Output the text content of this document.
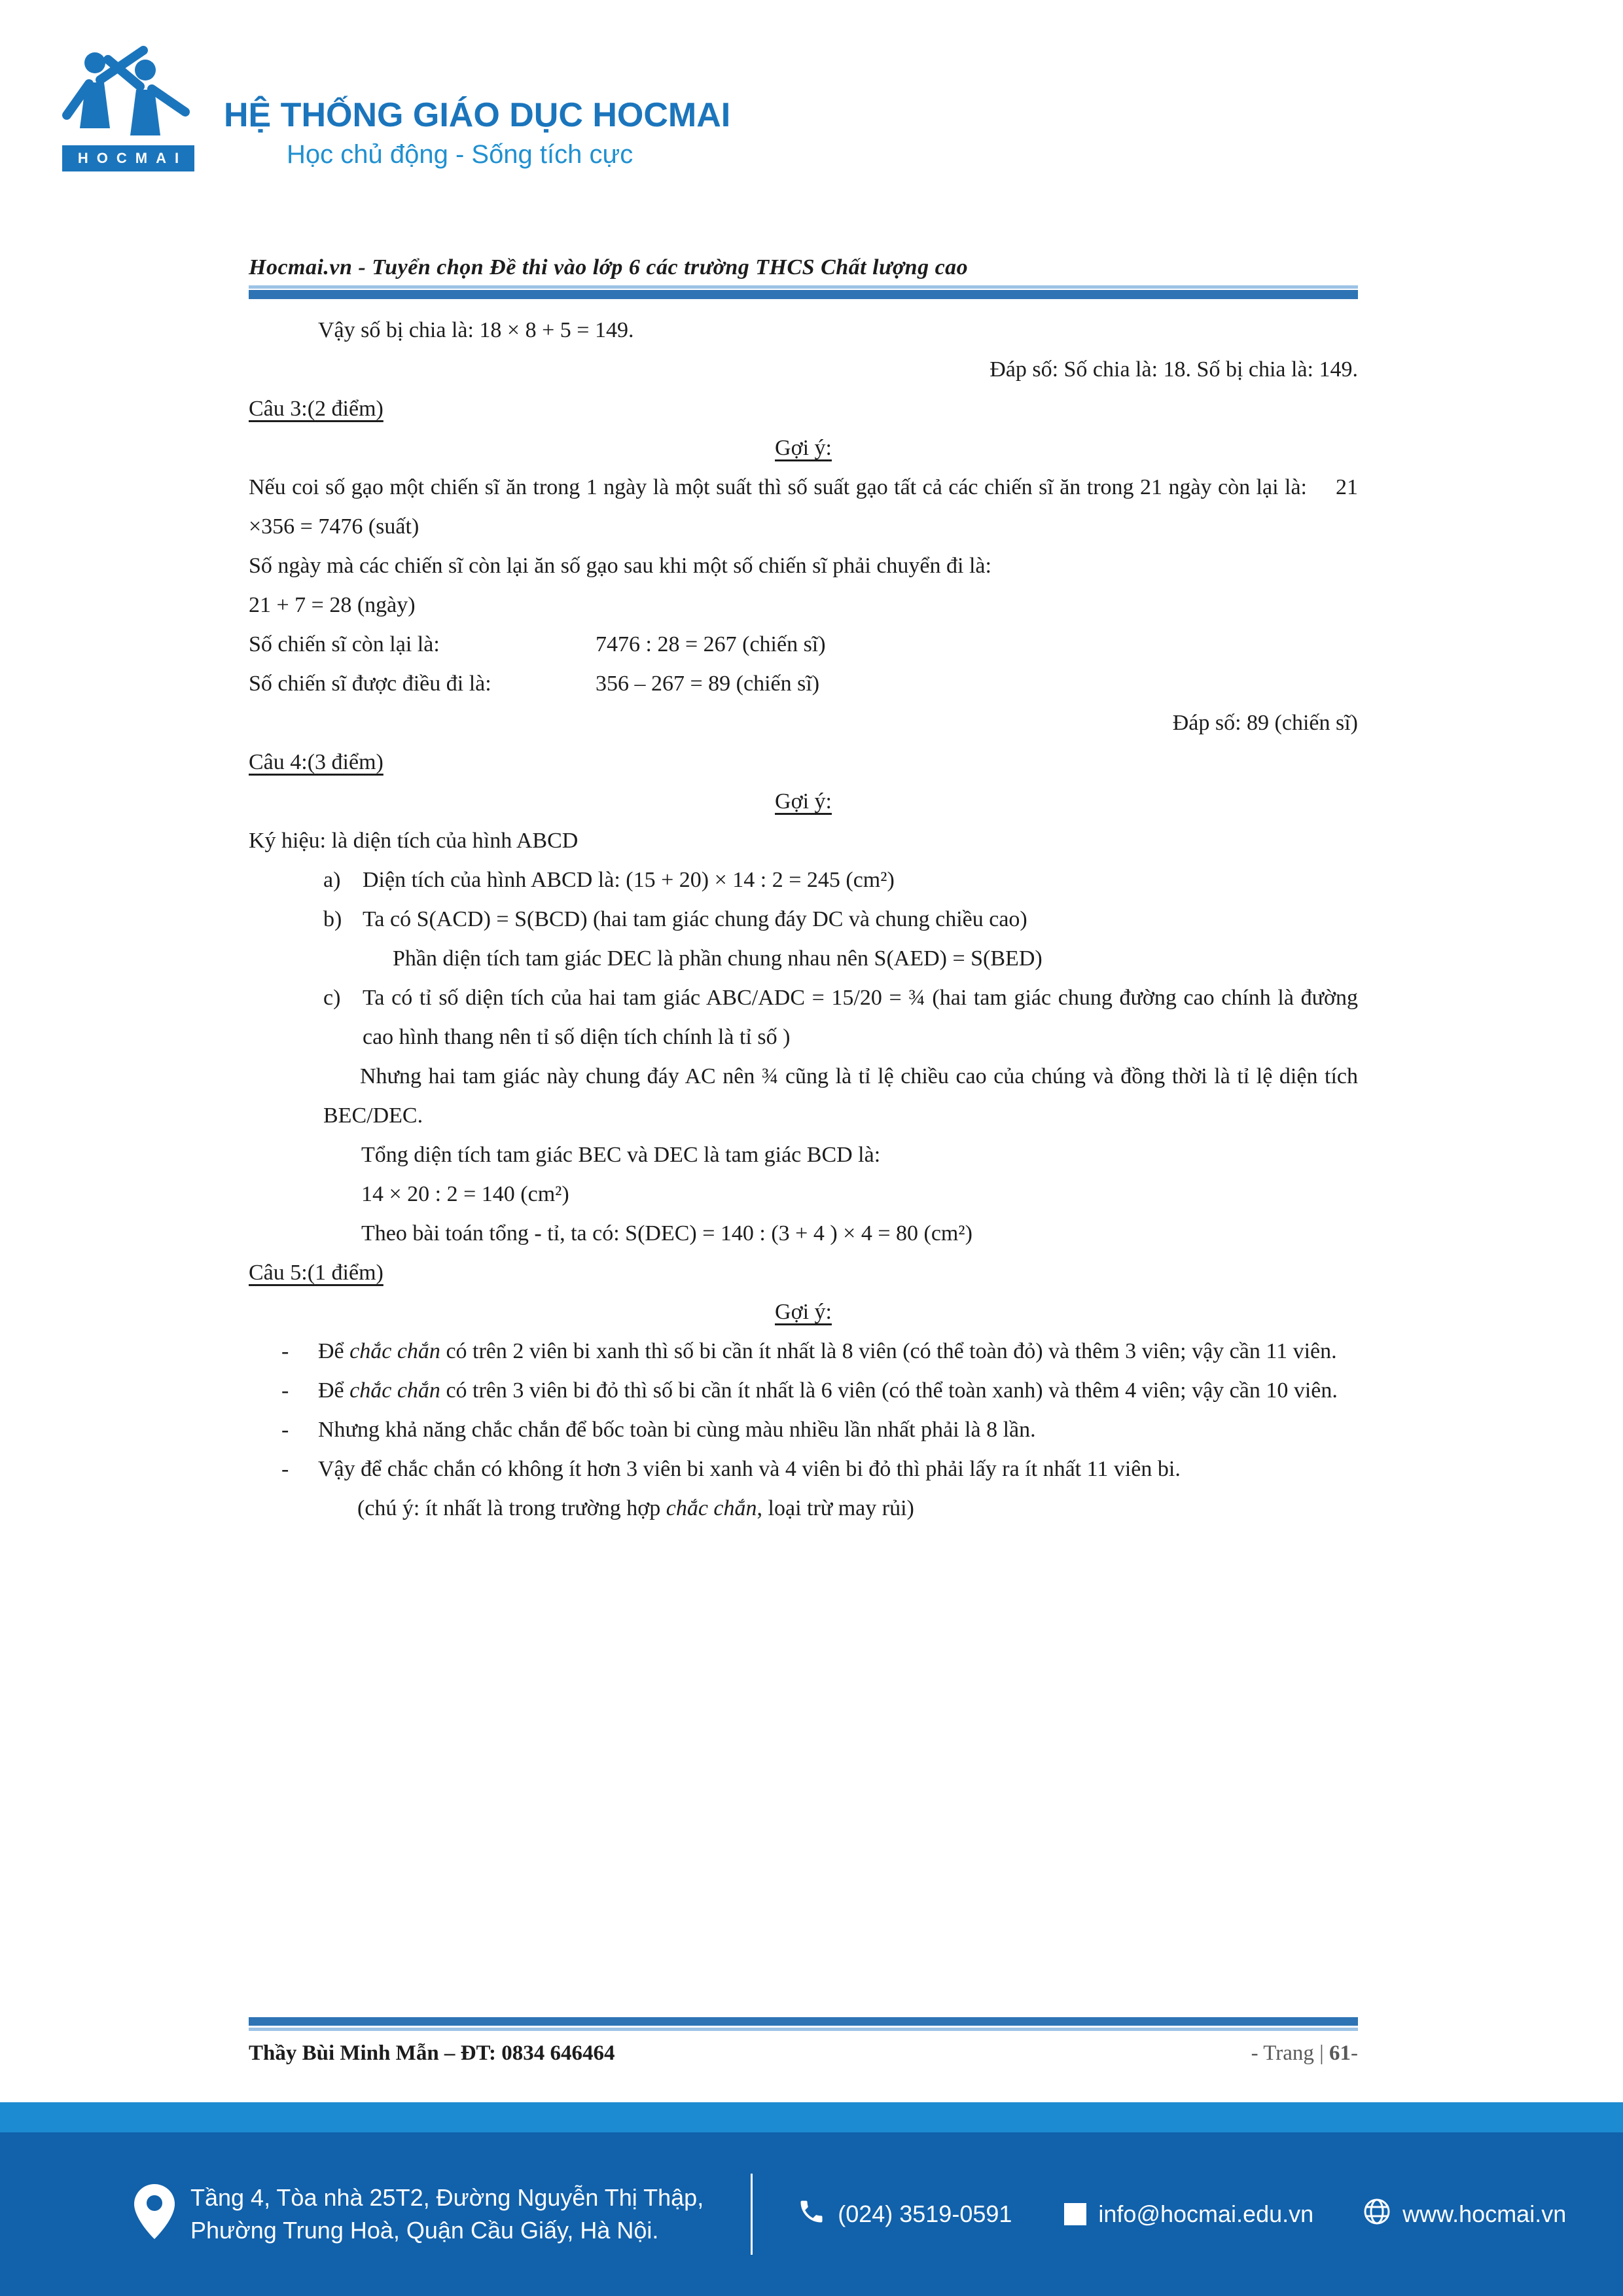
HOCMAI
HỆ THỐNG GIÁO DỤC HOCMAI
Học chủ động - Sống tích cực
Hocmai.vn - Tuyển chọn Đề thi vào lớp 6 các trường THCS Chất lượng cao

Vậy số bị chia là: 18 × 8 + 5 = 149.

Đáp số: Số chia là: 18. Số bị chia là: 149.

Câu 3:(2 điểm)

Gợi ý:

Nếu coi số gạo một chiến sĩ ăn trong 1 ngày là một suất thì số suất gạo tất cả các chiến sĩ ăn trong 21 ngày còn lại là: 21 ×356 = 7476 (suất)

Số ngày mà các chiến sĩ còn lại ăn số gạo sau khi một số chiến sĩ phải chuyển đi là:

21 + 7 = 28 (ngày)

Số chiến sĩ còn lại là:	7476 : 28 = 267 (chiến sĩ)

Số chiến sĩ được điều đi là:	356 – 267 = 89 (chiến sĩ)

Đáp số: 89 (chiến sĩ)

Câu 4:(3 điểm)

Gợi ý:

Ký hiệu: là diện tích của hình ABCD

a) Diện tích của hình ABCD là: (15 + 20) × 14 : 2 = 245 (cm²)

b) Ta có S(ACD) = S(BCD) (hai tam giác chung đáy DC và chung chiều cao)

Phần diện tích tam giác DEC là phần chung nhau nên S(AED) = S(BED)

c) Ta có tỉ số diện tích của hai tam giác ABC/ADC = 15/20 = ¾ (hai tam giác chung đường cao chính là đường cao hình thang nên tỉ số diện tích chính là tỉ số )

Nhưng hai tam giác này chung đáy AC nên ¾ cũng là tỉ lệ chiều cao của chúng và đồng thời là tỉ lệ diện tích BEC/DEC.

Tổng diện tích tam giác BEC và DEC là tam giác BCD là:

14 × 20 : 2 = 140 (cm²)

Theo bài toán tổng - tỉ, ta có: S(DEC) = 140 : (3 + 4 ) × 4 = 80 (cm²)

Câu 5:(1 điểm)

Gợi ý:

- Để chắc chắn có trên 2 viên bi xanh thì số bi cần ít nhất là 8 viên (có thể toàn đỏ) và thêm 3 viên; vậy cần 11 viên.

- Để chắc chắn có trên 3 viên bi đỏ thì số bi cần ít nhất là 6 viên (có thể toàn xanh) và thêm 4 viên; vậy cần 10 viên.

- Nhưng khả năng chắc chắn để bốc toàn bi cùng màu nhiều lần nhất phải là 8 lần.

- Vậy để chắc chắn có không ít hơn 3 viên bi xanh và 4 viên bi đỏ thì phải lấy ra ít nhất 11 viên bi.

(chú ý: ít nhất là trong trường hợp chắc chắn, loại trừ may rủi)

Thầy Bùi Minh Mẫn – ĐT: 0834 646464	- Trang | 61-
Tầng 4, Tòa nhà 25T2, Đường Nguyễn Thị Thập,
Phường Trung Hoà, Quận Cầu Giấy, Hà Nội.
(024) 3519-0591	info@hocmai.edu.vn	www.hocmai.vn
